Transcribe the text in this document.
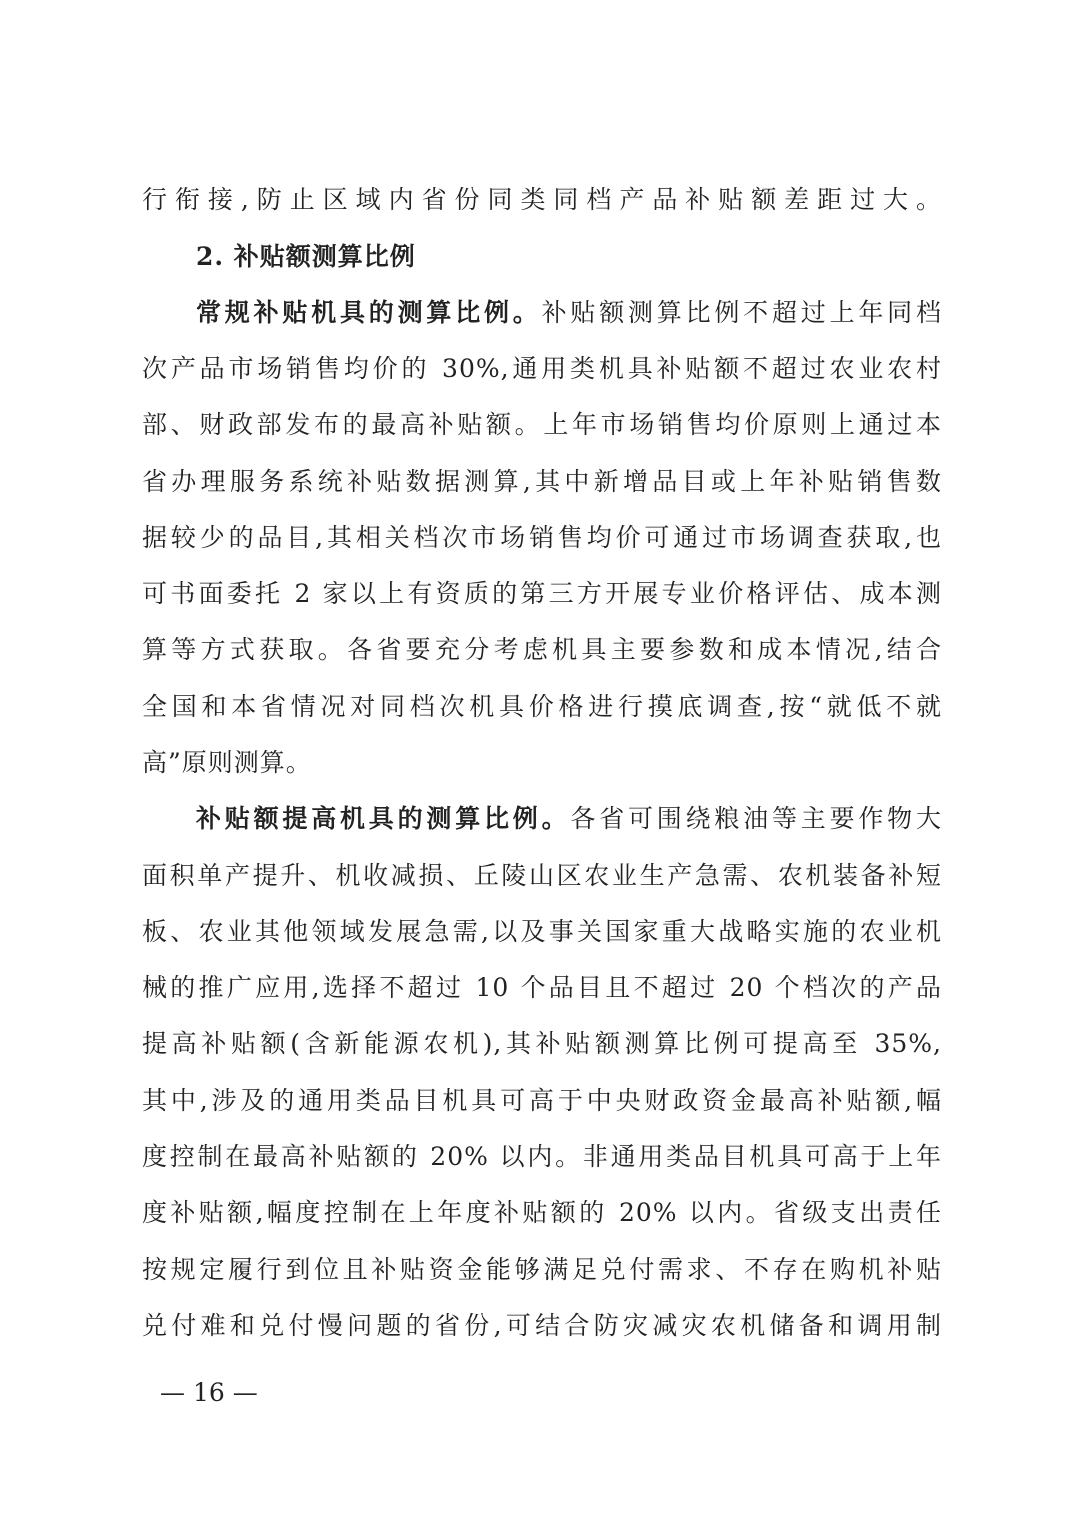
行衔接,防止区域内省份同类同档产品补贴额差距过大。
2. 补贴额测算比例
常规补贴机具的测算比例。补贴额测算比例不超过上年同档
次产品市场销售均价的 30%,通用类机具补贴额不超过农业农村
部、财政部发布的最高补贴额。上年市场销售均价原则上通过本
省办理服务系统补贴数据测算,其中新增品目或上年补贴销售数
据较少的品目,其相关档次市场销售均价可通过市场调查获取,也
可书面委托 2 家以上有资质的第三方开展专业价格评估、成本测
算等方式获取。各省要充分考虑机具主要参数和成本情况,结合
全国和本省情况对同档次机具价格进行摸底调查,按“就低不就
高”原则测算。
补贴额提高机具的测算比例。各省可围绕粮油等主要作物大
面积单产提升、机收减损、丘陵山区农业生产急需、农机装备补短
板、农业其他领域发展急需,以及事关国家重大战略实施的农业机
械的推广应用,选择不超过 10 个品目且不超过 20 个档次的产品
提高补贴额(含新能源农机),其补贴额测算比例可提高至 35%,
其中,涉及的通用类品目机具可高于中央财政资金最高补贴额,幅
度控制在最高补贴额的 20% 以内。非通用类品目机具可高于上年
度补贴额,幅度控制在上年度补贴额的 20% 以内。省级支出责任
按规定履行到位且补贴资金能够满足兑付需求、不存在购机补贴
兑付难和兑付慢问题的省份,可结合防灾减灾农机储备和调用制
— 16 —
